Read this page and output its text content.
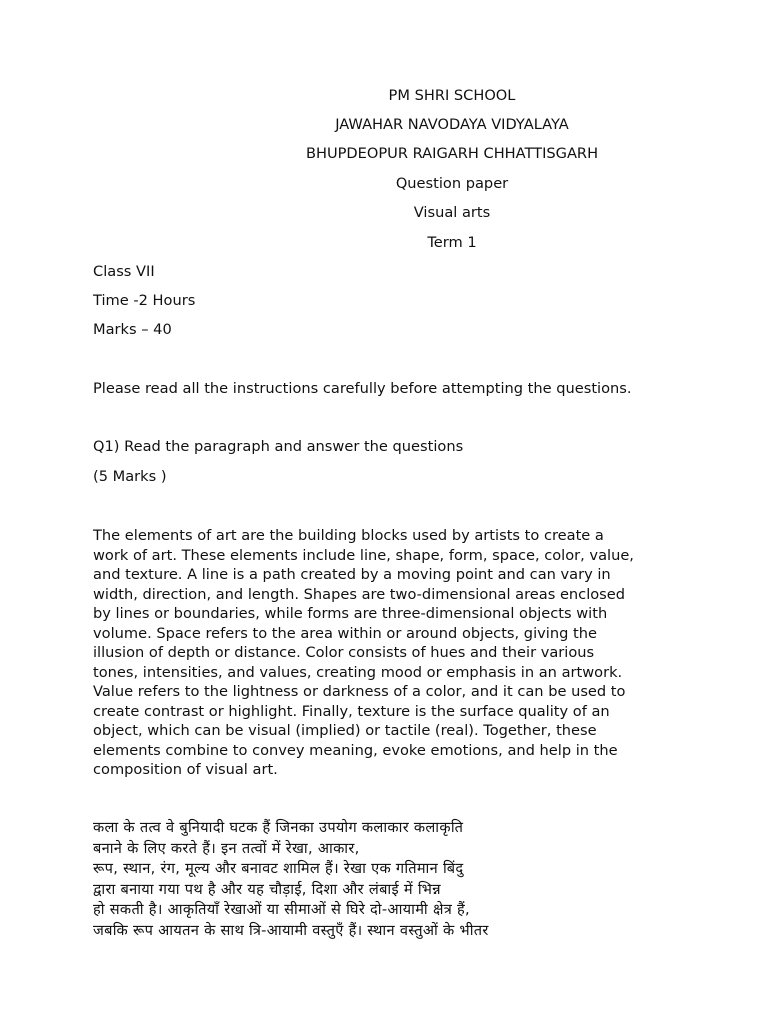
PM SHRI SCHOOL
JAWAHAR NAVODAYA VIDYALAYA
BHUPDEOPUR RAIGARH CHHATTISGARH
Question paper
Visual arts
Term 1
Class VII
Time -2 Hours
Marks – 40
Please read all the instructions carefully before attempting the questions.
Q1) Read the paragraph and answer the questions
(5 Marks )
The elements of art are the building blocks used by artists to create a
work of art. These elements include line, shape, form, space, color, value,
and texture. A line is a path created by a moving point and can vary in
width, direction, and length. Shapes are two-dimensional areas enclosed
by lines or boundaries, while forms are three-dimensional objects with
volume. Space refers to the area within or around objects, giving the
illusion of depth or distance. Color consists of hues and their various
tones, intensities, and values, creating mood or emphasis in an artwork.
Value refers to the lightness or darkness of a color, and it can be used to
create contrast or highlight. Finally, texture is the surface quality of an
object, which can be visual (implied) or tactile (real). Together, these
elements combine to convey meaning, evoke emotions, and help in the
composition of visual art.
कला के तत्व वे बुनियादी घटक हैं जिनका उपयोग कलाकार कलाकृति
बनाने के लिए करते हैं। इन तत्वों में रेखा, आकार,
रूप, स्थान, रंग, मूल्य और बनावट शामिल हैं। रेखा एक गतिमान बिंदु
द्वारा बनाया गया पथ है और यह चौड़ाई, दिशा और लंबाई में भिन्न
हो सकती है। आकृतियाँ रेखाओं या सीमाओं से घिरे दो-आयामी क्षेत्र हैं,
जबकि रूप आयतन के साथ त्रि-आयामी वस्तुएँ हैं। स्थान वस्तुओं के भीतर
